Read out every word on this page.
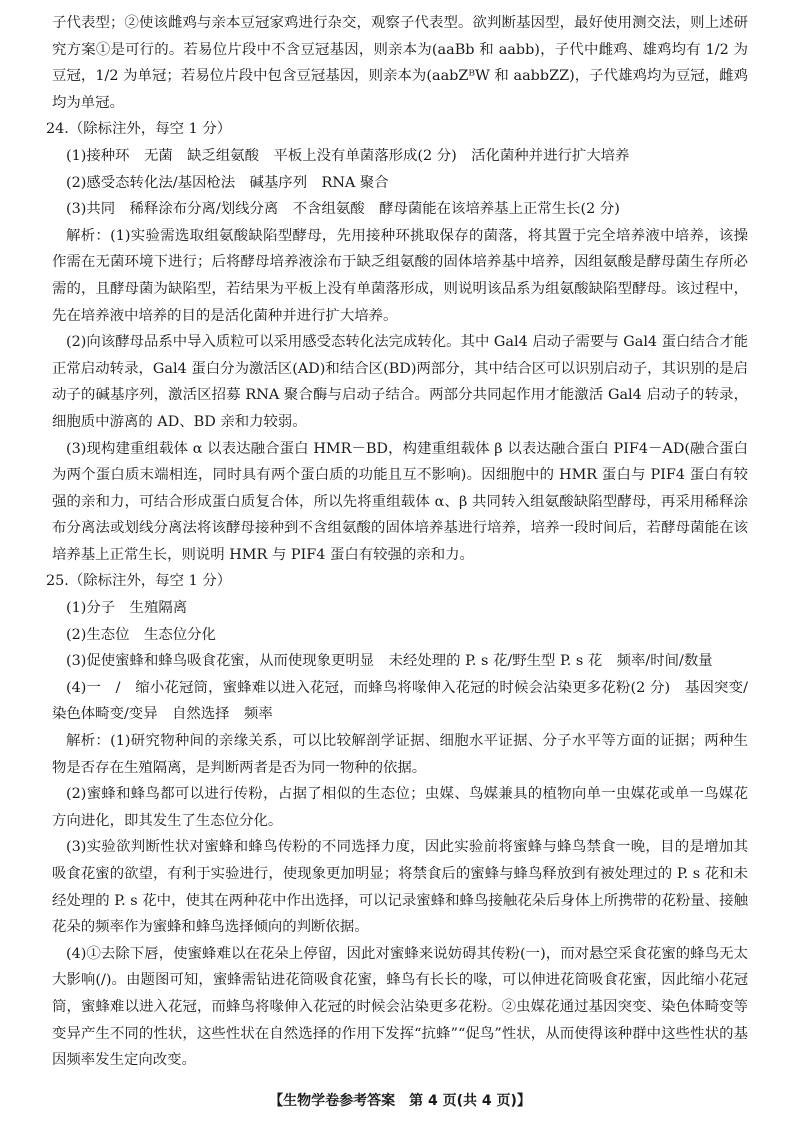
子代表型；②使该雌鸡与亲本豆冠家鸡进行杂交，观察子代表型。欲判断基因型，最好使用测交法，则上述研究方案①是可行的。若易位片段中不含豆冠基因，则亲本为(aaBb 和 aabb)，子代中雌鸡、雄鸡均有 1/2 为豆冠，1/2 为单冠；若易位片段中包含豆冠基因，则亲本为(aabZᴮW 和 aabbZZ)，子代雄鸡均为豆冠，雌鸡均为单冠。

24.（除标注外，每空 1 分）

(1)接种环　无菌　缺乏组氨酸　平板上没有单菌落形成(2 分)　活化菌种并进行扩大培养

(2)感受态转化法/基因枪法　碱基序列　RNA 聚合

(3)共同　稀释涂布分离/划线分离　不含组氨酸　酵母菌能在该培养基上正常生长(2 分)

解析：(1)实验需选取组氨酸缺陷型酵母，先用接种环挑取保存的菌落，将其置于完全培养液中培养，该操作需在无菌环境下进行；后将酵母培养液涂布于缺乏组氨酸的固体培养基中培养，因组氨酸是酵母菌生存所必需的，且酵母菌为缺陷型，若结果为平板上没有单菌落形成，则说明该品系为组氨酸缺陷型酵母。该过程中，先在培养液中培养的目的是活化菌种并进行扩大培养。

(2)向该酵母品系中导入质粒可以采用感受态转化法完成转化。其中 Gal4 启动子需要与 Gal4 蛋白结合才能正常启动转录，Gal4 蛋白分为激活区(AD)和结合区(BD)两部分，其中结合区可以识别启动子，其识别的是启动子的碱基序列，激活区招募 RNA 聚合酶与启动子结合。两部分共同起作用才能激活 Gal4 启动子的转录，细胞质中游离的 AD、BD 亲和力较弱。

(3)现构建重组载体 α 以表达融合蛋白 HMR－BD，构建重组载体 β 以表达融合蛋白 PIF4－AD(融合蛋白为两个蛋白质末端相连，同时具有两个蛋白质的功能且互不影响)。因细胞中的 HMR 蛋白与 PIF4 蛋白有较强的亲和力，可结合形成蛋白质复合体，所以先将重组载体 α、β 共同转入组氨酸缺陷型酵母，再采用稀释涂布分离法或划线分离法将该酵母接种到不含组氨酸的固体培养基进行培养，培养一段时间后，若酵母菌能在该培养基上正常生长，则说明 HMR 与 PIF4 蛋白有较强的亲和力。

25.（除标注外，每空 1 分）

(1)分子　生殖隔离

(2)生态位　生态位分化

(3)促使蜜蜂和蜂鸟吸食花蜜，从而使现象更明显　未经处理的 P. s 花/野生型 P. s 花　频率/时间/数量

(4)一　/　缩小花冠筒，蜜蜂难以进入花冠，而蜂鸟将喙伸入花冠的时候会沾染更多花粉(2 分)　基因突变/染色体畸变/变异　自然选择　频率

解析：(1)研究物种间的亲缘关系，可以比较解剖学证据、细胞水平证据、分子水平等方面的证据；两种生物是否存在生殖隔离，是判断两者是否为同一物种的依据。

(2)蜜蜂和蜂鸟都可以进行传粉，占据了相似的生态位；虫媒、鸟媒兼具的植物向单一虫媒花或单一鸟媒花方向进化，即其发生了生态位分化。

(3)实验欲判断性状对蜜蜂和蜂鸟传粉的不同选择力度，因此实验前将蜜蜂与蜂鸟禁食一晚，目的是增加其吸食花蜜的欲望，有利于实验进行，使现象更加明显；将禁食后的蜜蜂与蜂鸟释放到有被处理过的 P. s 花和未经处理的 P. s 花中，使其在两种花中作出选择，可以记录蜜蜂和蜂鸟接触花朵后身体上所携带的花粉量、接触花朵的频率作为蜜蜂和蜂鸟选择倾向的判断依据。

(4)①去除下唇，使蜜蜂难以在花朵上停留，因此对蜜蜂来说妨碍其传粉(一)，而对悬空采食花蜜的蜂鸟无太大影响(/)。由题图可知，蜜蜂需钻进花筒吸食花蜜，蜂鸟有长长的喙，可以伸进花筒吸食花蜜，因此缩小花冠筒，蜜蜂难以进入花冠，而蜂鸟将喙伸入花冠的时候会沾染更多花粉。②虫媒花通过基因突变、染色体畸变等变异产生不同的性状，这些性状在自然选择的作用下发挥“抗蜂”“促鸟”性状，从而使得该种群中这些性状的基因频率发生定向改变。

【生物学卷参考答案　第 4 页(共 4 页)】
